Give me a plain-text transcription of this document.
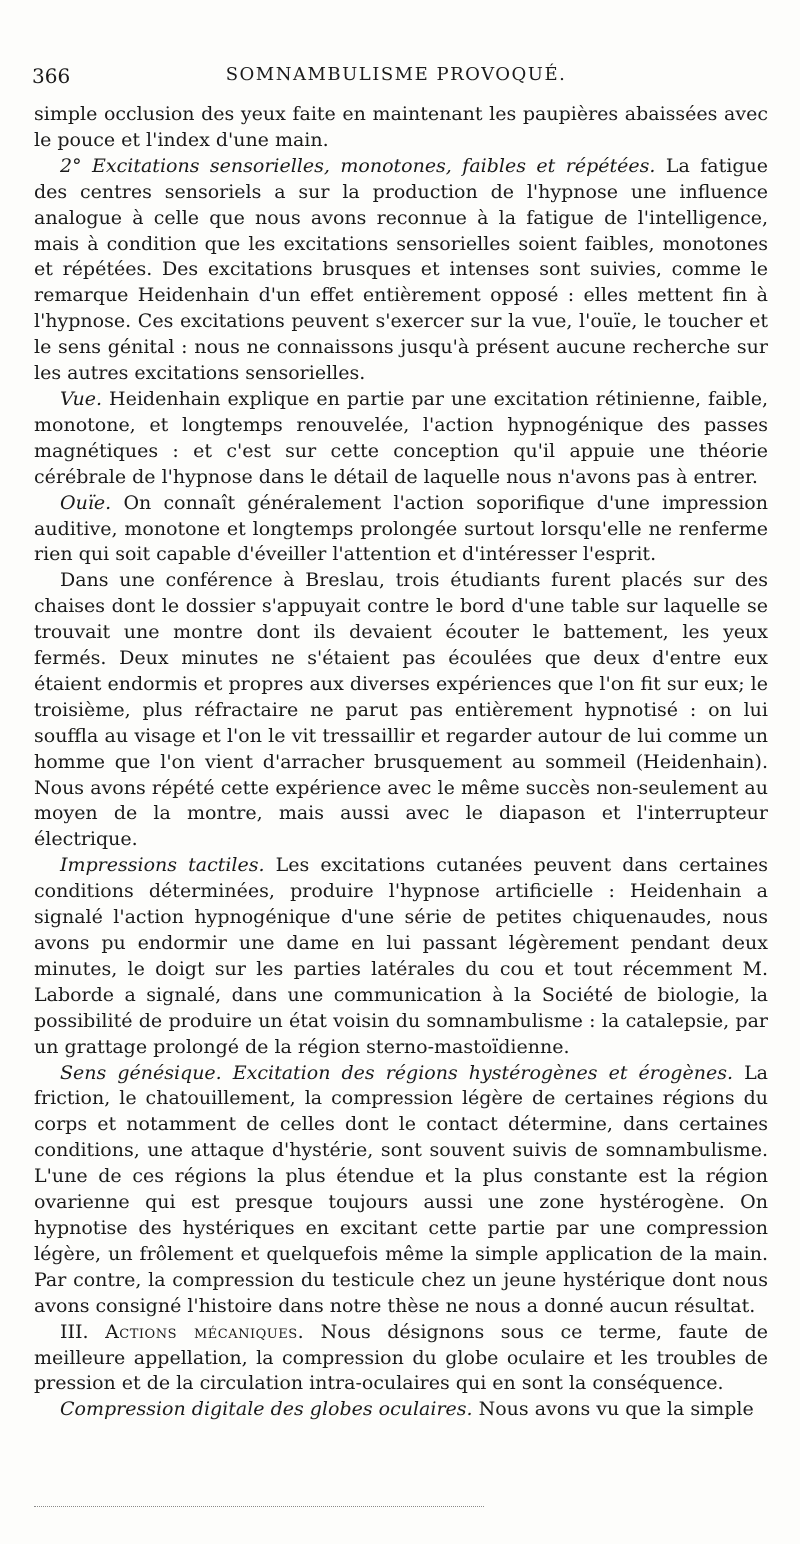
366	SOMNAMBULISME PROVOQUÉ.

simple occlusion des yeux faite en maintenant les paupières abaissées avec le pouce et l'index d'une main.

2° Excitations sensorielles, monotones, faibles et répétées. La fatigue des centres sensoriels a sur la production de l'hypnose une influence analogue à celle que nous avons reconnue à la fatigue de l'intelligence, mais à condition que les excitations sensorielles soient faibles, monotones et répétées. Des excitations brusques et intenses sont suivies, comme le remarque Heidenhain d'un effet entièrement opposé : elles mettent fin à l'hypnose. Ces excitations peuvent s'exercer sur la vue, l'ouïe, le toucher et le sens génital : nous ne connaissons jusqu'à présent aucune recherche sur les autres excitations sensorielles.

Vue. Heidenhain explique en partie par une excitation rétinienne, faible, monotone, et longtemps renouvelée, l'action hypnogénique des passes magnétiques : et c'est sur cette conception qu'il appuie une théorie cérébrale de l'hypnose dans le détail de laquelle nous n'avons pas à entrer.

Ouïe. On connaît généralement l'action soporifique d'une impression auditive, monotone et longtemps prolongée surtout lorsqu'elle ne renferme rien qui soit capable d'éveiller l'attention et d'intéresser l'esprit.

Dans une conférence à Breslau, trois étudiants furent placés sur des chaises dont le dossier s'appuyait contre le bord d'une table sur laquelle se trouvait une montre dont ils devaient écouter le battement, les yeux fermés. Deux minutes ne s'étaient pas écoulées que deux d'entre eux étaient endormis et propres aux diverses expériences que l'on fit sur eux; le troisième, plus réfractaire ne parut pas entièrement hypnotisé : on lui souffla au visage et l'on le vit tressaillir et regarder autour de lui comme un homme que l'on vient d'arracher brusquement au sommeil (Heidenhain). Nous avons répété cette expérience avec le même succès non-seulement au moyen de la montre, mais aussi avec le diapason et l'interrupteur électrique.

Impressions tactiles. Les excitations cutanées peuvent dans certaines conditions déterminées, produire l'hypnose artificielle : Heidenhain a signalé l'action hypnogénique d'une série de petites chiquenaudes, nous avons pu endormir une dame en lui passant légèrement pendant deux minutes, le doigt sur les parties latérales du cou et tout récemment M. Laborde a signalé, dans une communication à la Société de biologie, la possibilité de produire un état voisin du somnambulisme : la catalepsie, par un grattage prolongé de la région sterno-mastoïdienne.

Sens génésique. Excitation des régions hystérogènes et érogènes. La friction, le chatouillement, la compression légère de certaines régions du corps et notamment de celles dont le contact détermine, dans certaines conditions, une attaque d'hystérie, sont souvent suivis de somnambulisme. L'une de ces régions la plus étendue et la plus constante est la région ovarienne qui est presque toujours aussi une zone hystérogène. On hypnotise des hystériques en excitant cette partie par une compression légère, un frôlement et quelquefois même la simple application de la main. Par contre, la compression du testicule chez un jeune hystérique dont nous avons consigné l'histoire dans notre thèse ne nous a donné aucun résultat.

III. Actions mécaniques. Nous désignons sous ce terme, faute de meilleure appellation, la compression du globe oculaire et les troubles de pression et de la circulation intra-oculaires qui en sont la conséquence.

Compression digitale des globes oculaires. Nous avons vu que la simple
